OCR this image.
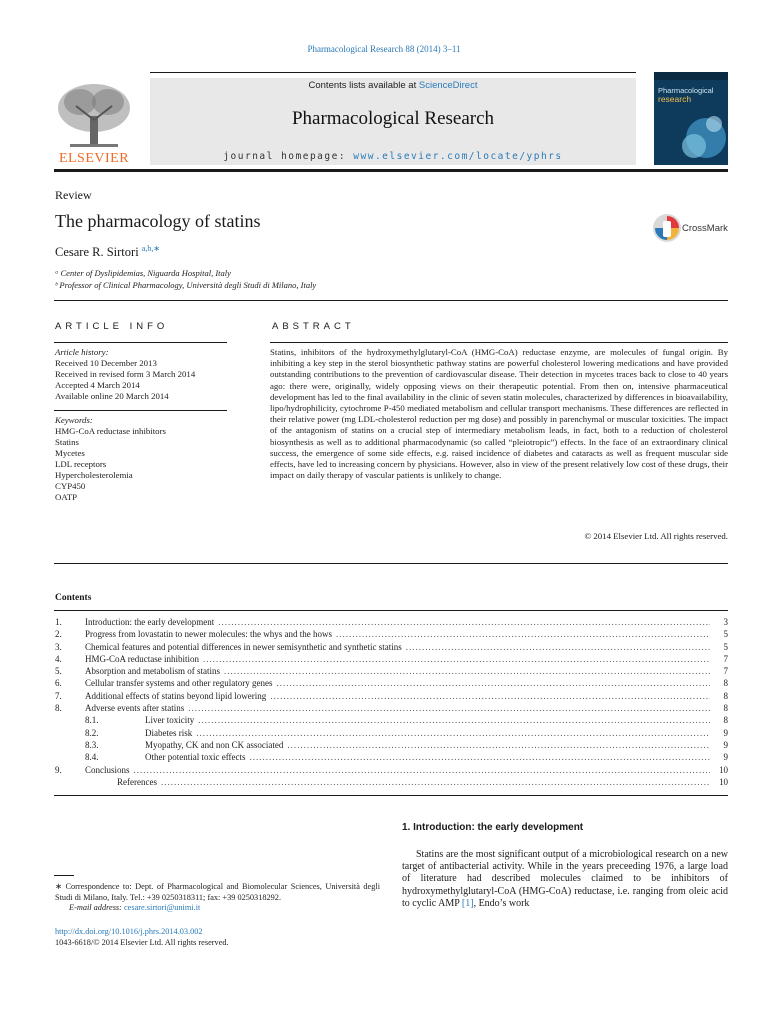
Pharmacological Research 88 (2014) 3–11
ELSEVIER
Contents lists available at ScienceDirect
Pharmacological Research
journal homepage: www.elsevier.com/locate/yphrs
Pharmacological
research
Review
The pharmacology of statins
Cesare R. Sirtori $^{a,b,∗}$
ᵃ Center of Dyslipidemias, Niguarda Hospital, Italy
ᵇ Professor of Clinical Pharmacology, Università degli Studi di Milano, Italy
CrossMark
ARTICLE INFO
Article history:
Received 10 December 2013
Received in revised form 3 March 2014
Accepted 4 March 2014
Available online 20 March 2014
Keywords:
HMG-CoA reductase inhibitors
Statins
Mycetes
LDL receptors
Hypercholesterolemia
CYP450
OATP
ABSTRACT
Statins, inhibitors of the hydroxymethylglutaryl-CoA (HMG-CoA) reductase enzyme, are molecules of fungal origin. By inhibiting a key step in the sterol biosynthetic pathway statins are powerful cholesterol lowering medications and have provided outstanding contributions to the prevention of cardiovascular disease. Their detection in mycetes traces back to close to 40 years ago: there were, originally, widely opposing views on their therapeutic potential. From then on, intensive pharmaceutical development has led to the final availability in the clinic of seven statin molecules, characterized by differences in bioavailability, lipo/hydrophilicity, cytochrome P-450 mediated metabolism and cellular transport mechanisms. These differences are reflected in their relative power (mg LDL-cholesterol reduction per mg dose) and possibly in parenchymal or muscular toxicities. The impact of the antagonism of statins on a crucial step of intermediary metabolism leads, in fact, both to a reduction of cholesterol biosynthesis as well as to additional pharmacodynamic (so called “pleiotropic”) effects. In the face of an extraordinary clinical success, the emergence of some side effects, e.g. raised incidence of diabetes and cataracts as well as frequent muscular side effects, have led to increasing concern by physicians. However, also in view of the present relatively low cost of these drugs, their impact on daily therapy of vascular patients is unlikely to change.
© 2014 Elsevier Ltd. All rights reserved.
Contents
1.	Introduction: the early development .....	3
2.	Progress from lovastatin to newer molecules: the whys and the hows .....	5
3.	Chemical features and potential differences in newer semisynthetic and synthetic statins .....	5
4.	HMG-CoA reductase inhibition .....	7
5.	Absorption and metabolism of statins .....	7
6.	Cellular transfer systems and other regulatory genes .....	8
7.	Additional effects of statins beyond lipid lowering .....	8
8.	Adverse events after statins .....	8
8.1.	Liver toxicity .....	8
8.2.	Diabetes risk .....	9
8.3.	Myopathy, CK and non CK associated .....	9
8.4.	Other potential toxic effects .....	9
9.	Conclusions .....	10
References .....	10
1. Introduction: the early development
Statins are the most significant output of a microbiological research on a new target of antibacterial activity. While in the years preceeding 1976, a large load of literature had described molecules claimed to be inhibitors of hydroxymethylglutaryl-CoA (HMG-CoA) reductase, i.e. ranging from oleic acid to cyclic AMP [1], Endo’s work
∗ Correspondence to: Dept. of Pharmacological and Biomolecular Sciences, Università degli Studi di Milano, Italy. Tel.: +39 0250318311; fax: +39 0250318292.
E-mail address: cesare.sirtori@unimi.it
http://dx.doi.org/10.1016/j.phrs.2014.03.002
1043-6618/© 2014 Elsevier Ltd. All rights reserved.
